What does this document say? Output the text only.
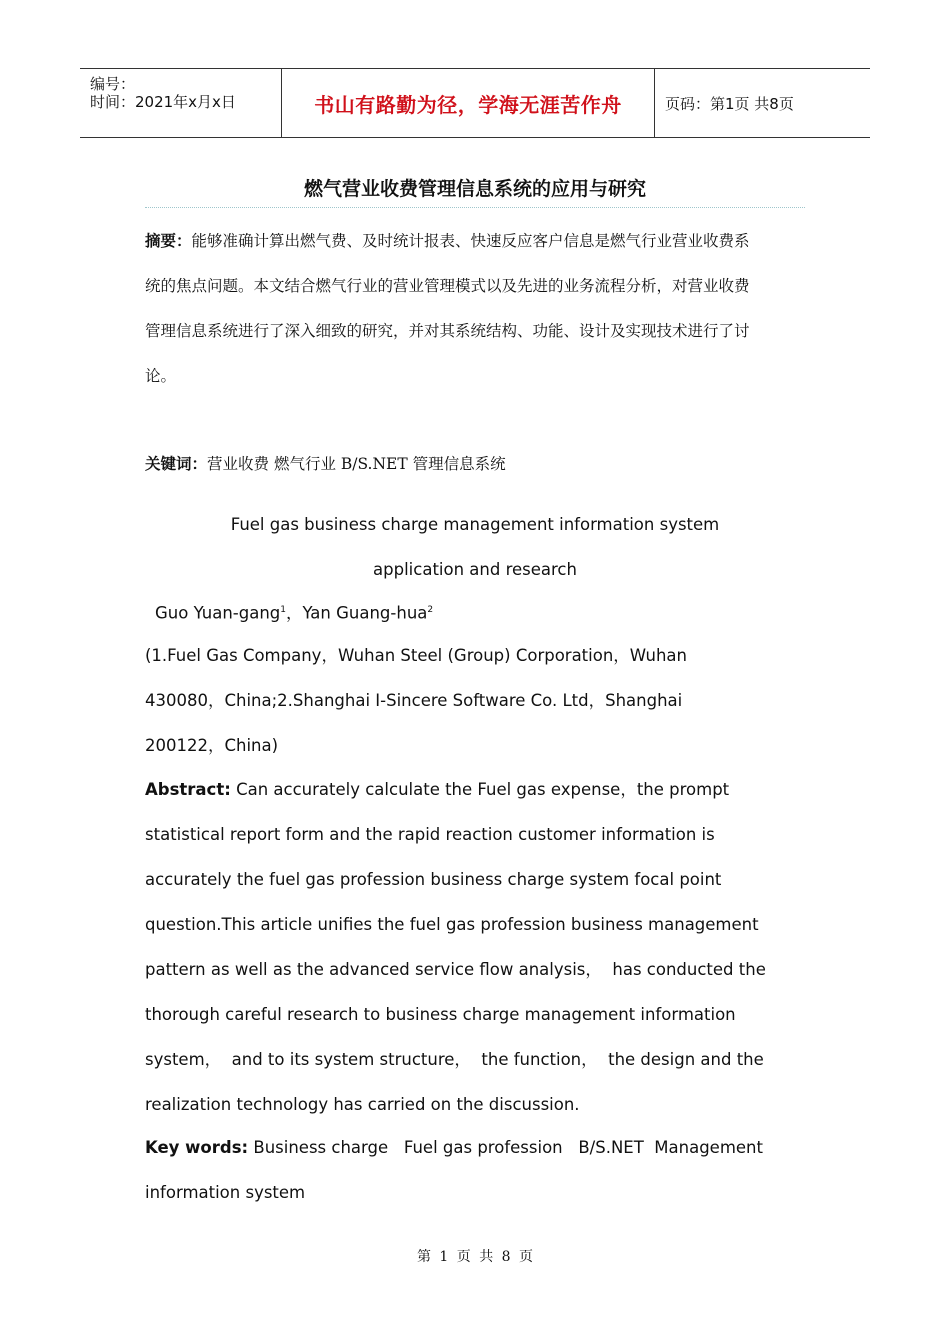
编号：
时间：2021年x月x日	书山有路勤为径，学海无涯苦作舟	页码：第1页 共8页
燃气营业收费管理信息系统的应用与研究
摘要：能够准确计算出燃气费、及时统计报表、快速反应客户信息是燃气行业营业收费系
统的焦点问题。本文结合燃气行业的营业管理模式以及先进的业务流程分析，对营业收费
管理信息系统进行了深入细致的研究，并对其系统结构、功能、设计及实现技术进行了讨
论。
关键词：营业收费 燃气行业 B/S.NET 管理信息系统
Fuel gas business charge management information system
application and research
Guo Yuan-gang$^1$，Yan Guang-hua$^2$
(1.Fuel Gas Company，Wuhan Steel (Group) Corporation，Wuhan
430080，China;2.Shanghai I-Sincere Software Co. Ltd，Shanghai
200122，China)
Abstract: Can accurately calculate the Fuel gas expense，the prompt
statistical report form and the rapid reaction customer information is
accurately the fuel gas profession business charge system focal point
question.This article unifies the fuel gas profession business management
pattern as well as the advanced service flow analysis，  has conducted the
thorough careful research to business charge management information
system，  and to its system structure，  the function，  the design and the
realization technology has carried on the discussion.
Key words: Business charge   Fuel gas profession   B/S.NET  Management
information system
第 1 页 共 8 页
